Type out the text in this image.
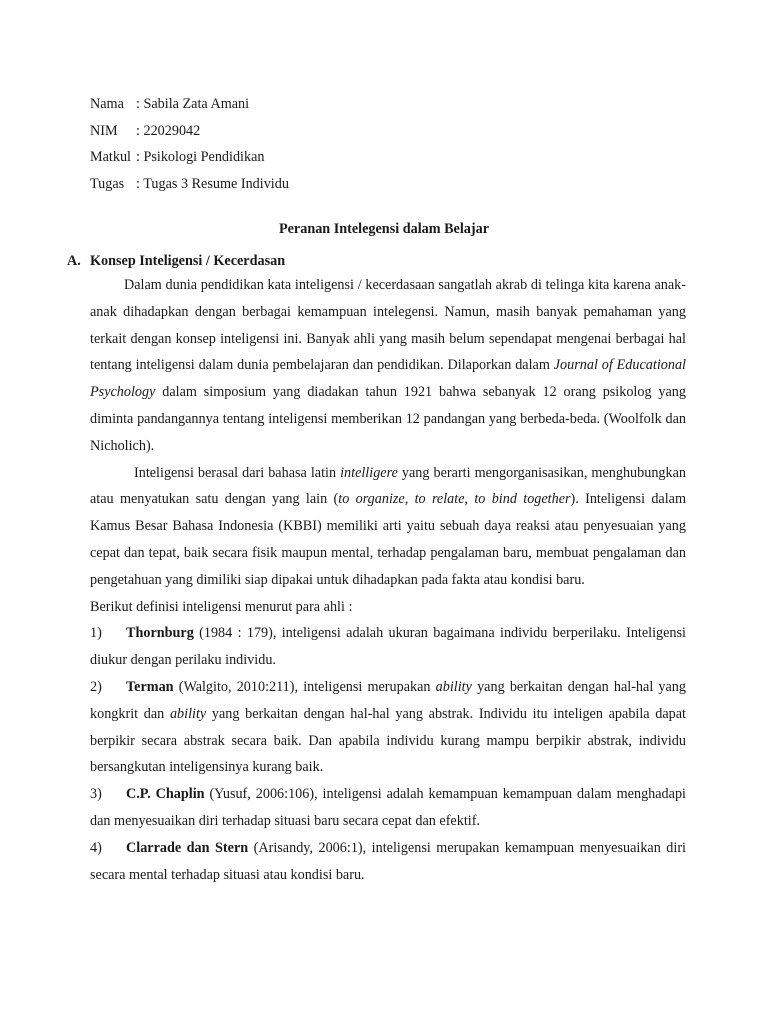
Nama : Sabila Zata Amani
NIM : 22029042
Matkul : Psikologi Pendidikan
Tugas : Tugas 3 Resume Individu
Peranan Intelegensi dalam Belajar
A. Konsep Inteligensi / Kecerdasan

Dalam dunia pendidikan kata inteligensi / kecerdasaan sangatlah akrab di telinga kita karena anak-anak dihadapkan dengan berbagai kemampuan intelegensi. Namun, masih banyak pemahaman yang terkait dengan konsep inteligensi ini. Banyak ahli yang masih belum sependapat mengenai berbagai hal tentang inteligensi dalam dunia pembelajaran dan pendidikan. Dilaporkan dalam Journal of Educational Psychology dalam simposium yang diadakan tahun 1921 bahwa sebanyak 12 orang psikolog yang diminta pandangannya tentang inteligensi memberikan 12 pandangan yang berbeda-beda. (Woolfolk dan Nicholich).

Inteligensi berasal dari bahasa latin intelligere yang berarti mengorganisasikan, menghubungkan atau menyatukan satu dengan yang lain (to organize, to relate, to bind together). Inteligensi dalam Kamus Besar Bahasa Indonesia (KBBI) memiliki arti yaitu sebuah daya reaksi atau penyesuaian yang cepat dan tepat, baik secara fisik maupun mental, terhadap pengalaman baru, membuat pengalaman dan pengetahuan yang dimiliki siap dipakai untuk dihadapkan pada fakta atau kondisi baru.

Berikut definisi inteligensi menurut para ahli :

1)	Thornburg (1984 : 179), inteligensi adalah ukuran bagaimana individu berperilaku. Inteligensi diukur dengan perilaku individu.

2)	Terman (Walgito, 2010:211), inteligensi merupakan ability yang berkaitan dengan hal-hal yang kongkrit dan ability yang berkaitan dengan hal-hal yang abstrak. Individu itu inteligen apabila dapat berpikir secara abstrak secara baik. Dan apabila individu kurang mampu berpikir abstrak, individu bersangkutan inteligensinya kurang baik.

3)	C.P. Chaplin (Yusuf, 2006:106), inteligensi adalah kemampuan kemampuan dalam menghadapi dan menyesuaikan diri terhadap situasi baru secara cepat dan efektif.

4)	Clarrade dan Stern (Arisandy, 2006:1), inteligensi merupakan kemampuan menyesuaikan diri secara mental terhadap situasi atau kondisi baru.
